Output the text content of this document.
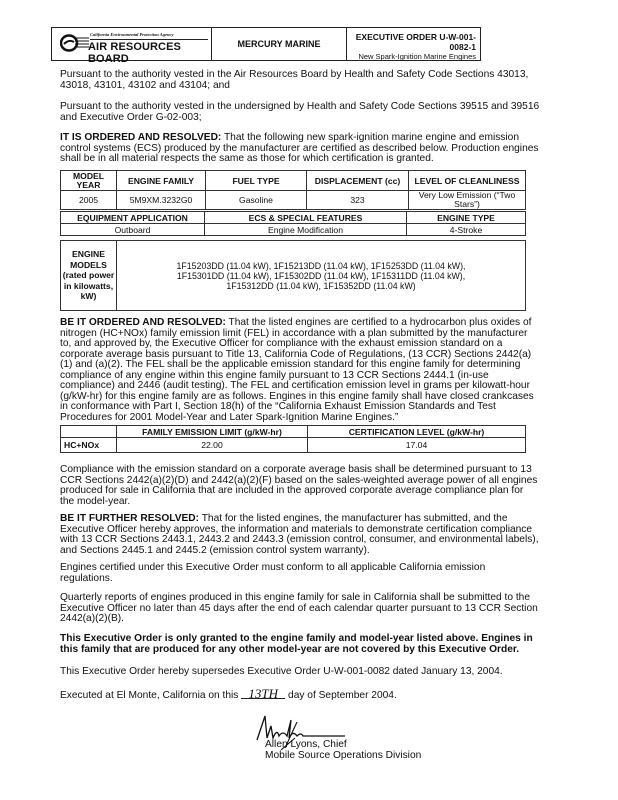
California Environmental Protection Agency
AIR RESOURCES BOARD
MERCURY MARINE
EXECUTIVE ORDER U-W-001-0082-1
New Spark-Ignition Marine Engines
Pursuant to the authority vested in the Air Resources Board by Health and Safety Code Sections 43013, 43018, 43101, 43102 and 43104; and
Pursuant to the authority vested in the undersigned by Health and Safety Code Sections 39515 and 39516 and Executive Order G-02-003;
IT IS ORDERED AND RESOLVED: That the following new spark-ignition marine engine and emission control systems (ECS) produced by the manufacturer are certified as described below. Production engines shall be in all material respects the same as those for which certification is granted.
MODEL YEAR	ENGINE FAMILY	FUEL TYPE	DISPLACEMENT (cc)	LEVEL OF CLEANLINESS
2005	5M9XM.3232G0	Gasoline	323	Very Low Emission (“Two Stars”)
EQUIPMENT APPLICATION	ECS & SPECIAL FEATURES	ENGINE TYPE
Outboard	Engine Modification	4-Stroke
ENGINE MODELS (rated power in kilowatts, kW)	
1F15203DD (11.04 kW), 1F15213DD (11.04 kW), 1F15253DD (11.04 kW),
1F15301DD (11.04 kW), 1F15302DD (11.04 kW), 1F15311DD (11.04 kW),
1F15312DD (11.04 kW), 1F15352DD (11.04 kW)
BE IT ORDERED AND RESOLVED: That the listed engines are certified to a hydrocarbon plus oxides of nitrogen (HC+NOx) family emission limit (FEL) in accordance with a plan submitted by the manufacturer to, and approved by, the Executive Officer for compliance with the exhaust emission standard on a corporate average basis pursuant to Title 13, California Code of Regulations, (13 CCR) Sections 2442(a)(1) and (a)(2). The FEL shall be the applicable emission standard for this engine family for determining compliance of any engine within this engine family pursuant to 13 CCR Sections 2444.1 (in-use compliance) and 2446 (audit testing). The FEL and certification emission level in grams per kilowatt-hour (g/kW-hr) for this engine family are as follows. Engines in this engine family shall have closed crankcases in conformance with Part I, Section 18(h) of the “California Exhaust Emission Standards and Test Procedures for 2001 Model-Year and Later Spark-Ignition Marine Engines.”
	FAMILY EMISSION LIMIT (g/kW-hr)	CERTIFICATION LEVEL (g/kW-hr)
HC+NOx	22.00	17.04
Compliance with the emission standard on a corporate average basis shall be determined pursuant to 13 CCR Sections 2442(a)(2)(D) and 2442(a)(2)(F) based on the sales-weighted average power of all engines produced for sale in California that are included in the approved corporate average compliance plan for the model-year.
BE IT FURTHER RESOLVED: That for the listed engines, the manufacturer has submitted, and the Executive Officer hereby approves, the information and materials to demonstrate certification compliance with 13 CCR Sections 2443.1, 2443.2 and 2443.3 (emission control, consumer, and environmental labels), and Sections 2445.1 and 2445.2 (emission control system warranty).
Engines certified under this Executive Order must conform to all applicable California emission regulations.
Quarterly reports of engines produced in this engine family for sale in California shall be submitted to the Executive Officer no later than 45 days after the end of each calendar quarter pursuant to 13 CCR Section 2442(a)(2)(B).
This Executive Order is only granted to the engine family and model-year listed above. Engines in this family that are produced for any other model-year are not covered by this Executive Order.
This Executive Order hereby supersedes Executive Order U-W-001-0082 dated January 13, 2004.
Executed at El Monte, California on this 13TH day of September 2004.
Allen Lyons, Chief
Mobile Source Operations Division
